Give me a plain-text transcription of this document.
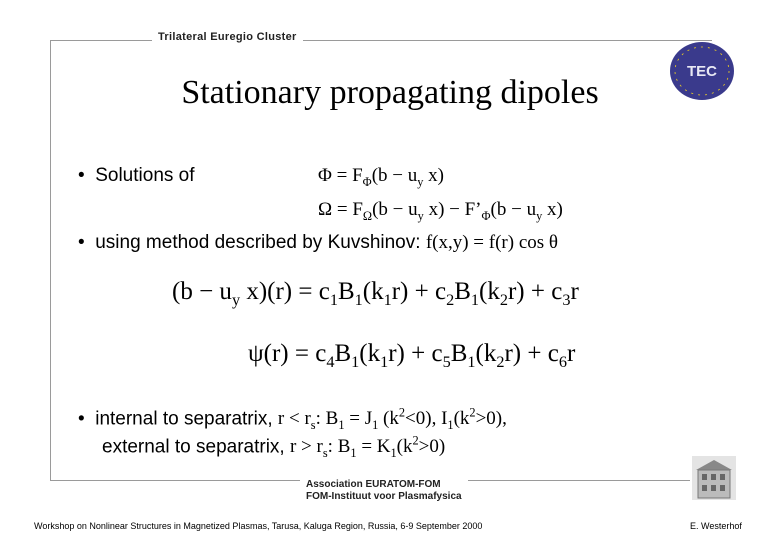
Trilateral Euregio Cluster
TEC
Stationary propagating dipoles
• Solutions of	$\Phi = F_\Phi(b - u_y$ x)
$\Omega = F_\Omega(b - u_y$ $x) - F’_\Phi(b - u_y$ x)
• using method described by Kuvshinov: f(x,y) = f(r) cos θ
($b - u_y$ $x)(r) = c_1B_1(k_1r) + c_2B_1(k_2r) + c_3r$
$\psi(r) = c_4B_1(k_1r) + c_5B_1(k_2r) + c_6r$
• internal to separatrix, $r < r_s$: $B_1 = J_1$ $(k^2<0)$, $I_1(k^2>0)$,
external to separatrix, $r > r_s$: $B_1 = K_1(k^2>0)$
Association EURATOM-FOM
FOM-Instituut voor Plasmafysica
Workshop on Nonlinear Structures in Magnetized Plasmas, Tarusa, Kaluga Region, Russia, 6-9 September 2000	E. Westerhof
